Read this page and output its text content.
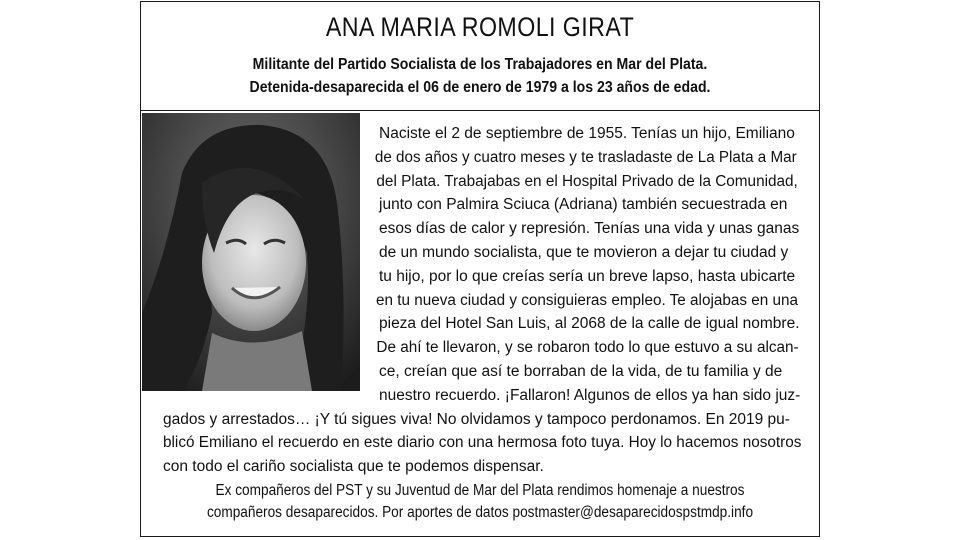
ANA MARIA ROMOLI GIRAT
Militante del Partido Socialista de los Trabajadores en Mar del Plata.
Detenida-desaparecida el 06 de enero de 1979 a los 23 años de edad.
Naciste el 2 de septiembre de 1955. Tenías un hijo, Emiliano
de dos años y cuatro meses y te trasladaste de La Plata a Mar
del Plata. Trabajabas en el Hospital Privado de la Comunidad,
junto con Palmira Sciuca (Adriana) también secuestrada en
esos días de calor y represión. Tenías una vida y unas ganas
de un mundo socialista, que te movieron a dejar tu ciudad y
tu hijo, por lo que creías sería un breve lapso, hasta ubicarte
en tu nueva ciudad y consiguieras empleo. Te alojabas en una
pieza del Hotel San Luis, al 2068 de la calle de igual nombre.
De ahí te llevaron, y se robaron todo lo que estuvo a su alcan-
ce, creían que así te borraban de la vida, de tu familia y de
nuestro recuerdo. ¡Fallaron! Algunos de ellos ya han sido juz-
gados y arrestados… ¡Y tú sigues viva! No olvidamos y tampoco perdonamos. En 2019 pu-
blicó Emiliano el recuerdo en este diario con una hermosa foto tuya. Hoy lo hacemos nosotros
con todo el cariño socialista que te podemos dispensar.
Ex compañeros del PST y su Juventud de Mar del Plata rendimos homenaje a nuestros
compañeros desaparecidos. Por aportes de datos postmaster@desaparecidospstmdp.info
